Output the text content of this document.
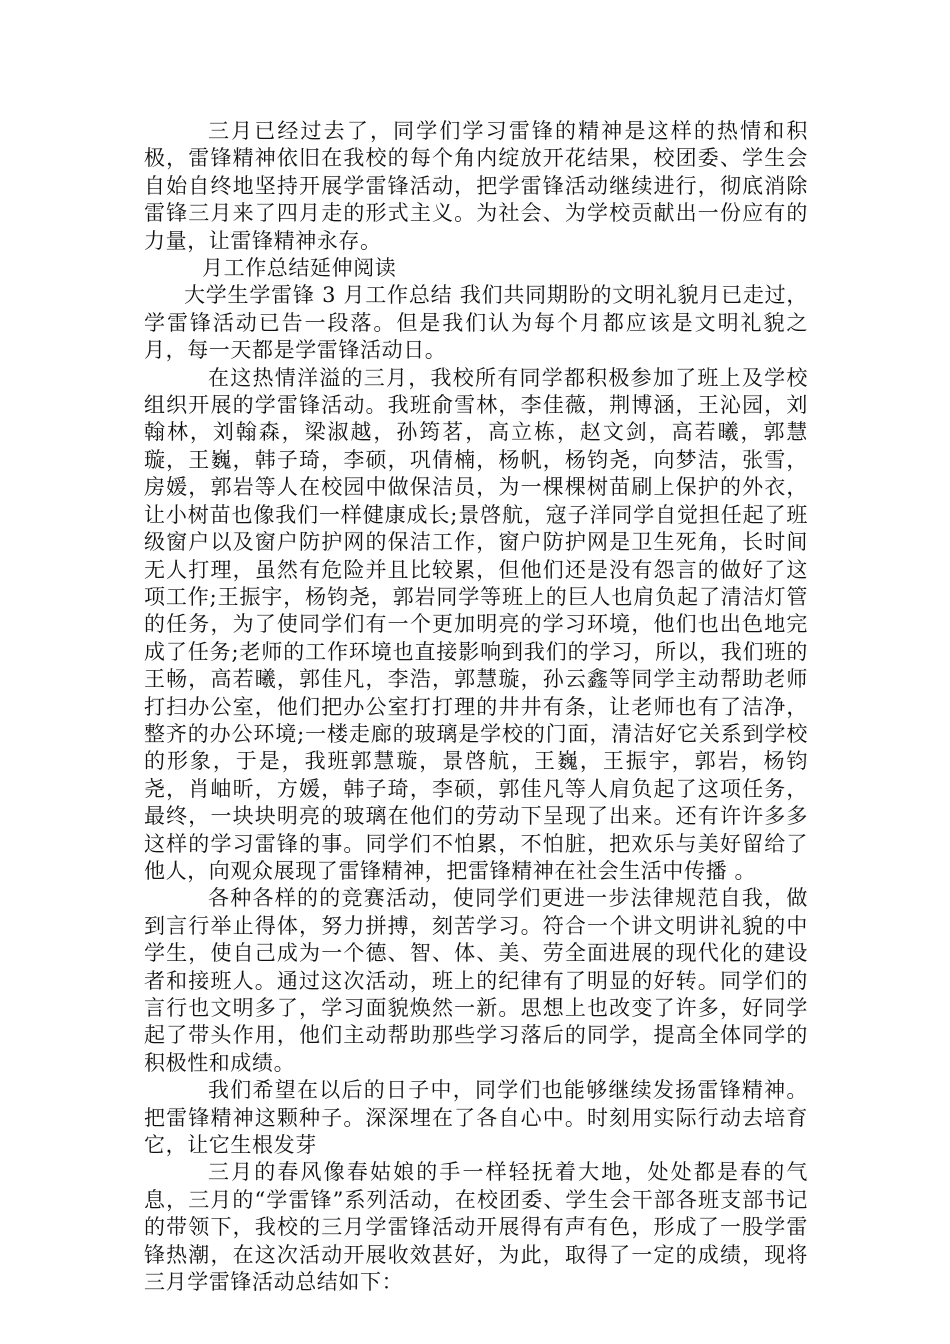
三月已经过去了，同学们学习雷锋的精神是这样的热情和积极，雷锋精神依旧在我校的每个角内绽放开花结果，校团委、学生会自始自终地坚持开展学雷锋活动，把学雷锋活动继续进行，彻底消除雷锋三月来了四月走的形式主义。为社会、为学校贡献出一份应有的力量，让雷锋精神永存。

月工作总结延伸阅读

大学生学雷锋 3 月工作总结 我们共同期盼的文明礼貌月已走过，学雷锋活动已告一段落。但是我们认为每个月都应该是文明礼貌之月，每一天都是学雷锋活动日。

在这热情洋溢的三月，我校所有同学都积极参加了班上及学校组织开展的学雷锋活动。我班俞雪林，李佳薇，荆博涵，王沁园，刘翰林，刘翰森，梁淑越，孙筠茗，高立栋，赵文剑，高若曦，郭慧璇，王巍，韩子琦，李硕，巩倩楠，杨帆，杨钧尧，向梦洁，张雪，房媛，郭岩等人在校园中做保洁员，为一棵棵树苗刷上保护的外衣，让小树苗也像我们一样健康成长;景啓航，寇子洋同学自觉担任起了班级窗户以及窗户防护网的保洁工作，窗户防护网是卫生死角，长时间无人打理，虽然有危险并且比较累，但他们还是没有怨言的做好了这项工作;王振宇，杨钧尧，郭岩同学等班上的巨人也肩负起了清洁灯管的任务，为了使同学们有一个更加明亮的学习环境，他们也出色地完成了任务;老师的工作环境也直接影响到我们的学习，所以，我们班的王畅，高若曦，郭佳凡，李浩，郭慧璇，孙云鑫等同学主动帮助老师打扫办公室，他们把办公室打打理的井井有条，让老师也有了洁净，整齐的办公环境;一楼走廊的玻璃是学校的门面，清洁好它关系到学校的形象，于是，我班郭慧璇，景啓航，王巍，王振宇，郭岩，杨钧尧，肖岫昕，方媛，韩子琦，李硕，郭佳凡等人肩负起了这项任务，最终，一块块明亮的玻璃在他们的劳动下呈现了出来。还有许许多多这样的学习雷锋的事。同学们不怕累，不怕脏，把欢乐与美好留给了他人，向观众展现了雷锋精神，把雷锋精神在社会生活中传播 。

各种各样的的竞赛活动，使同学们更进一步法律规范自我，做到言行举止得体，努力拼搏，刻苦学习。符合一个讲文明讲礼貌的中学生，使自己成为一个德、智、体、美、劳全面进展的现代化的建设者和接班人。通过这次活动，班上的纪律有了明显的好转。同学们的言行也文明多了，学习面貌焕然一新。思想上也改变了许多，好同学起了带头作用，他们主动帮助那些学习落后的同学，提高全体同学的积极性和成绩。

我们希望在以后的日子中，同学们也能够继续发扬雷锋精神。把雷锋精神这颗种子。深深埋在了各自心中。时刻用实际行动去培育它，让它生根发芽

三月的春风像春姑娘的手一样轻抚着大地，处处都是春的气息，三月的“学雷锋”系列活动，在校团委、学生会干部各班支部书记的带领下，我校的三月学雷锋活动开展得有声有色，形成了一股学雷锋热潮，在这次活动开展收效甚好，为此，取得了一定的成绩，现将三月学雷锋活动总结如下：
